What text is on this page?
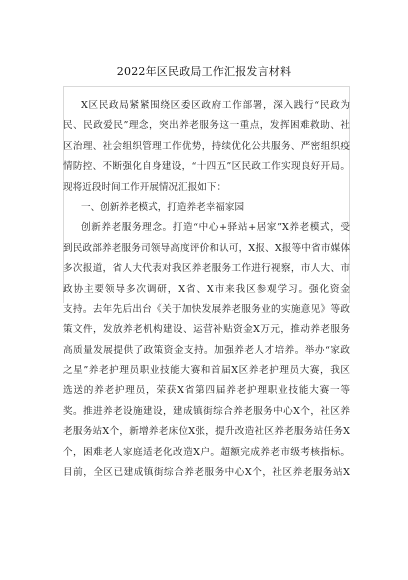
2022年区民政局工作汇报发言材料
X区民政局紧紧围绕区委区政府工作部署，深入践行“民政为
民、民政爱民”理念，突出养老服务这一重点，发挥困难救助、社
区治理、社会组织管理工作优势，持续优化公共服务、严密组织疫
情防控、不断强化自身建设，“十四五”区民政工作实现良好开局。
现将近段时间工作开展情况汇报如下：
一、创新养老模式，打造养老幸福家园
创新养老服务理念。打造“中心+驿站+居家”X养老模式，受
到民政部养老服务司领导高度评价和认可，X报、X报等中省市媒体
多次报道，省人大代表对我区养老服务工作进行视察，市人大、市
政协主要领导多次调研，X省、X市来我区参观学习。强化资金
支持。去年先后出台《关于加快发展养老服务业的实施意见》等政
策文件，发放养老机构建设、运营补贴资金X万元，推动养老服务
高质量发展提供了政策资金支持。加强养老人才培养。举办“家政
之星”养老护理员职业技能大赛和首届X区养老护理员大赛，我区
选送的养老护理员，荣获X省第四届养老护理职业技能大赛一等
奖。推进养老设施建设，建成镇街综合养老服务中心X个，社区养
老服务站X个，新增养老床位X张，提升改造社区养老服务站任务X
个，困难老人家庭适老化改造X户。超额完成养老市级考核指标。
目前，全区已建成镇街综合养老服务中心X个，社区养老服务站X
